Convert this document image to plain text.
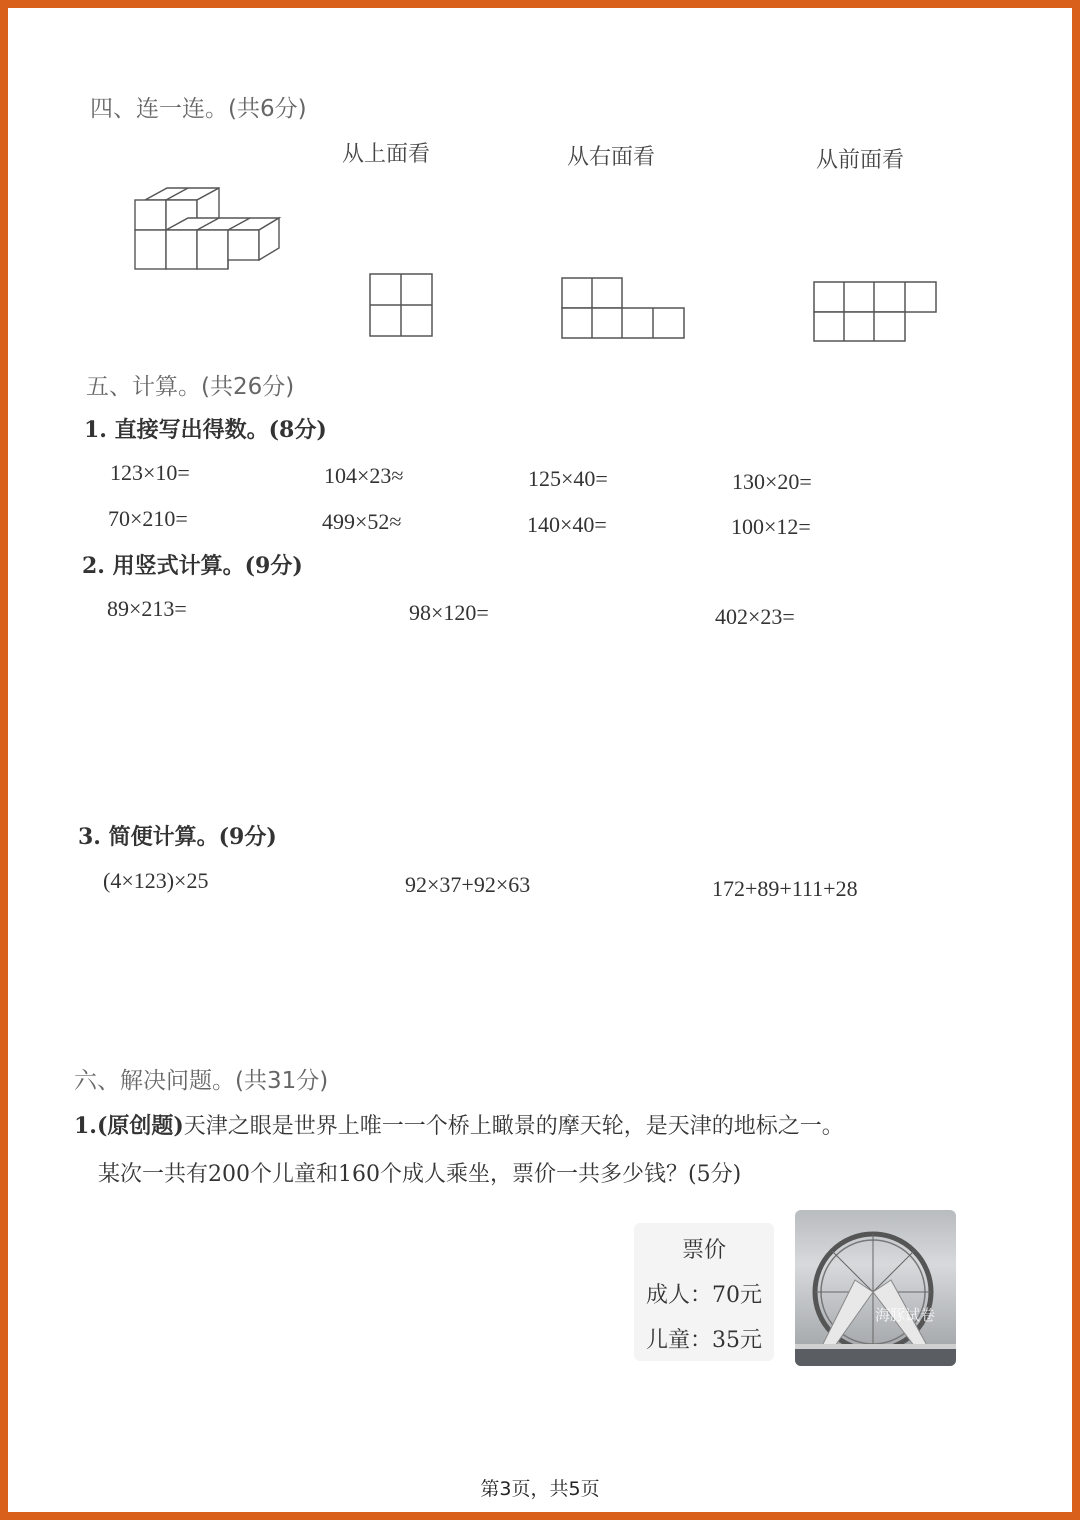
四、连一连。(共6分)
从上面看	从右面看	从前面看
五、计算。(共26分)
1. 直接写出得数。(8分)
123×10=	104×23≈	125×40=	130×20=
70×210=	499×52≈	140×40=	100×12=
2. 用竖式计算。(9分)
89×213=	98×120=	402×23=
3. 简便计算。(9分)
(4×123)×25	92×37+92×63	172+89+111+28
六、解决问题。(共31分)
1.(原创题)天津之眼是世界上唯一一个桥上瞰景的摩天轮，是天津的地标之一。
某次一共有200个儿童和160个成人乘坐，票价一共多少钱？(5分)
票价
成人：70元
儿童：35元
海豚试卷
第3页，共5页
